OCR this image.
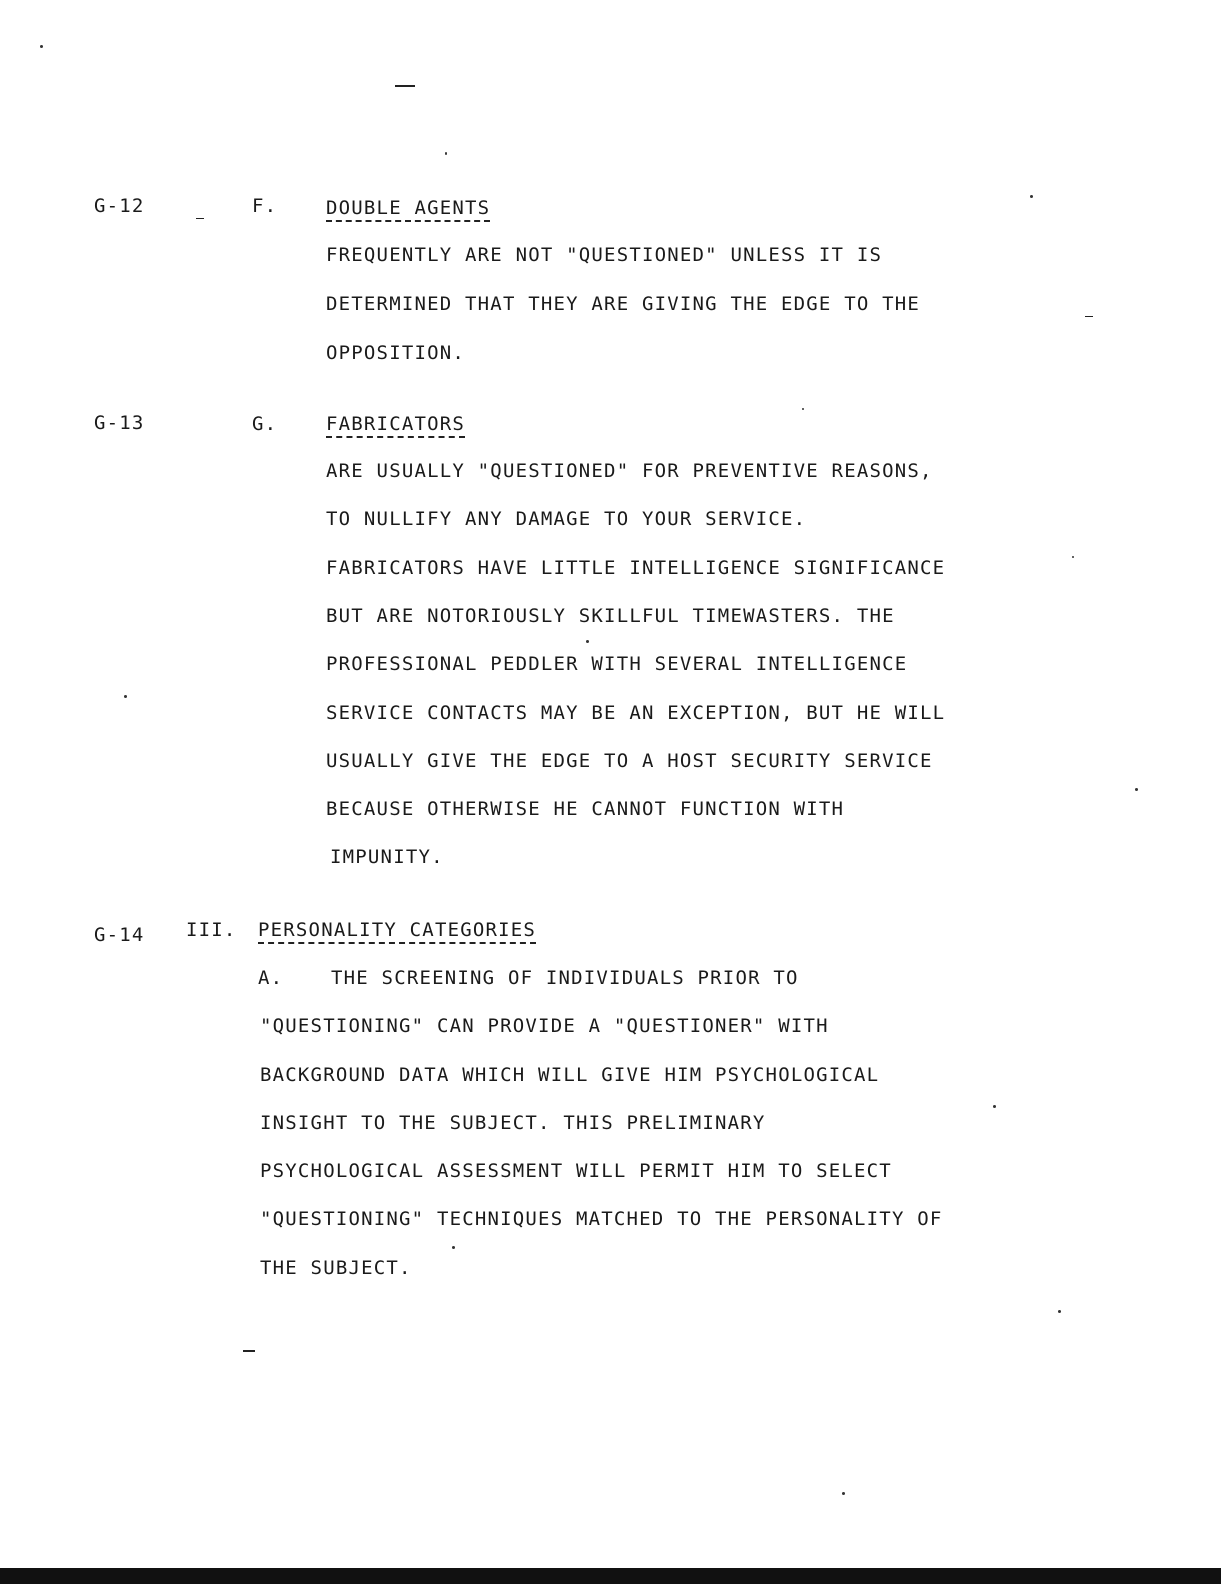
G-12	F.	DOUBLE AGENTS
FREQUENTLY ARE NOT "QUESTIONED" UNLESS IT IS
DETERMINED THAT THEY ARE GIVING THE EDGE TO THE
OPPOSITION.
G-13	G.	FABRICATORS
ARE USUALLY "QUESTIONED" FOR PREVENTIVE REASONS,
TO NULLIFY ANY DAMAGE TO YOUR SERVICE.
FABRICATORS HAVE LITTLE INTELLIGENCE SIGNIFICANCE
BUT ARE NOTORIOUSLY SKILLFUL TIMEWASTERS. THE
PROFESSIONAL PEDDLER WITH SEVERAL INTELLIGENCE
SERVICE CONTACTS MAY BE AN EXCEPTION, BUT HE WILL
USUALLY GIVE THE EDGE TO A HOST SECURITY SERVICE
BECAUSE OTHERWISE HE CANNOT FUNCTION WITH
IMPUNITY.
G-14 III. PERSONALITY CATEGORIES
A.	THE SCREENING OF INDIVIDUALS PRIOR TO
"QUESTIONING" CAN PROVIDE A "QUESTIONER" WITH
BACKGROUND DATA WHICH WILL GIVE HIM PSYCHOLOGICAL
INSIGHT TO THE SUBJECT. THIS PRELIMINARY
PSYCHOLOGICAL ASSESSMENT WILL PERMIT HIM TO SELECT
"QUESTIONING" TECHNIQUES MATCHED TO THE PERSONALITY OF
THE SUBJECT.
